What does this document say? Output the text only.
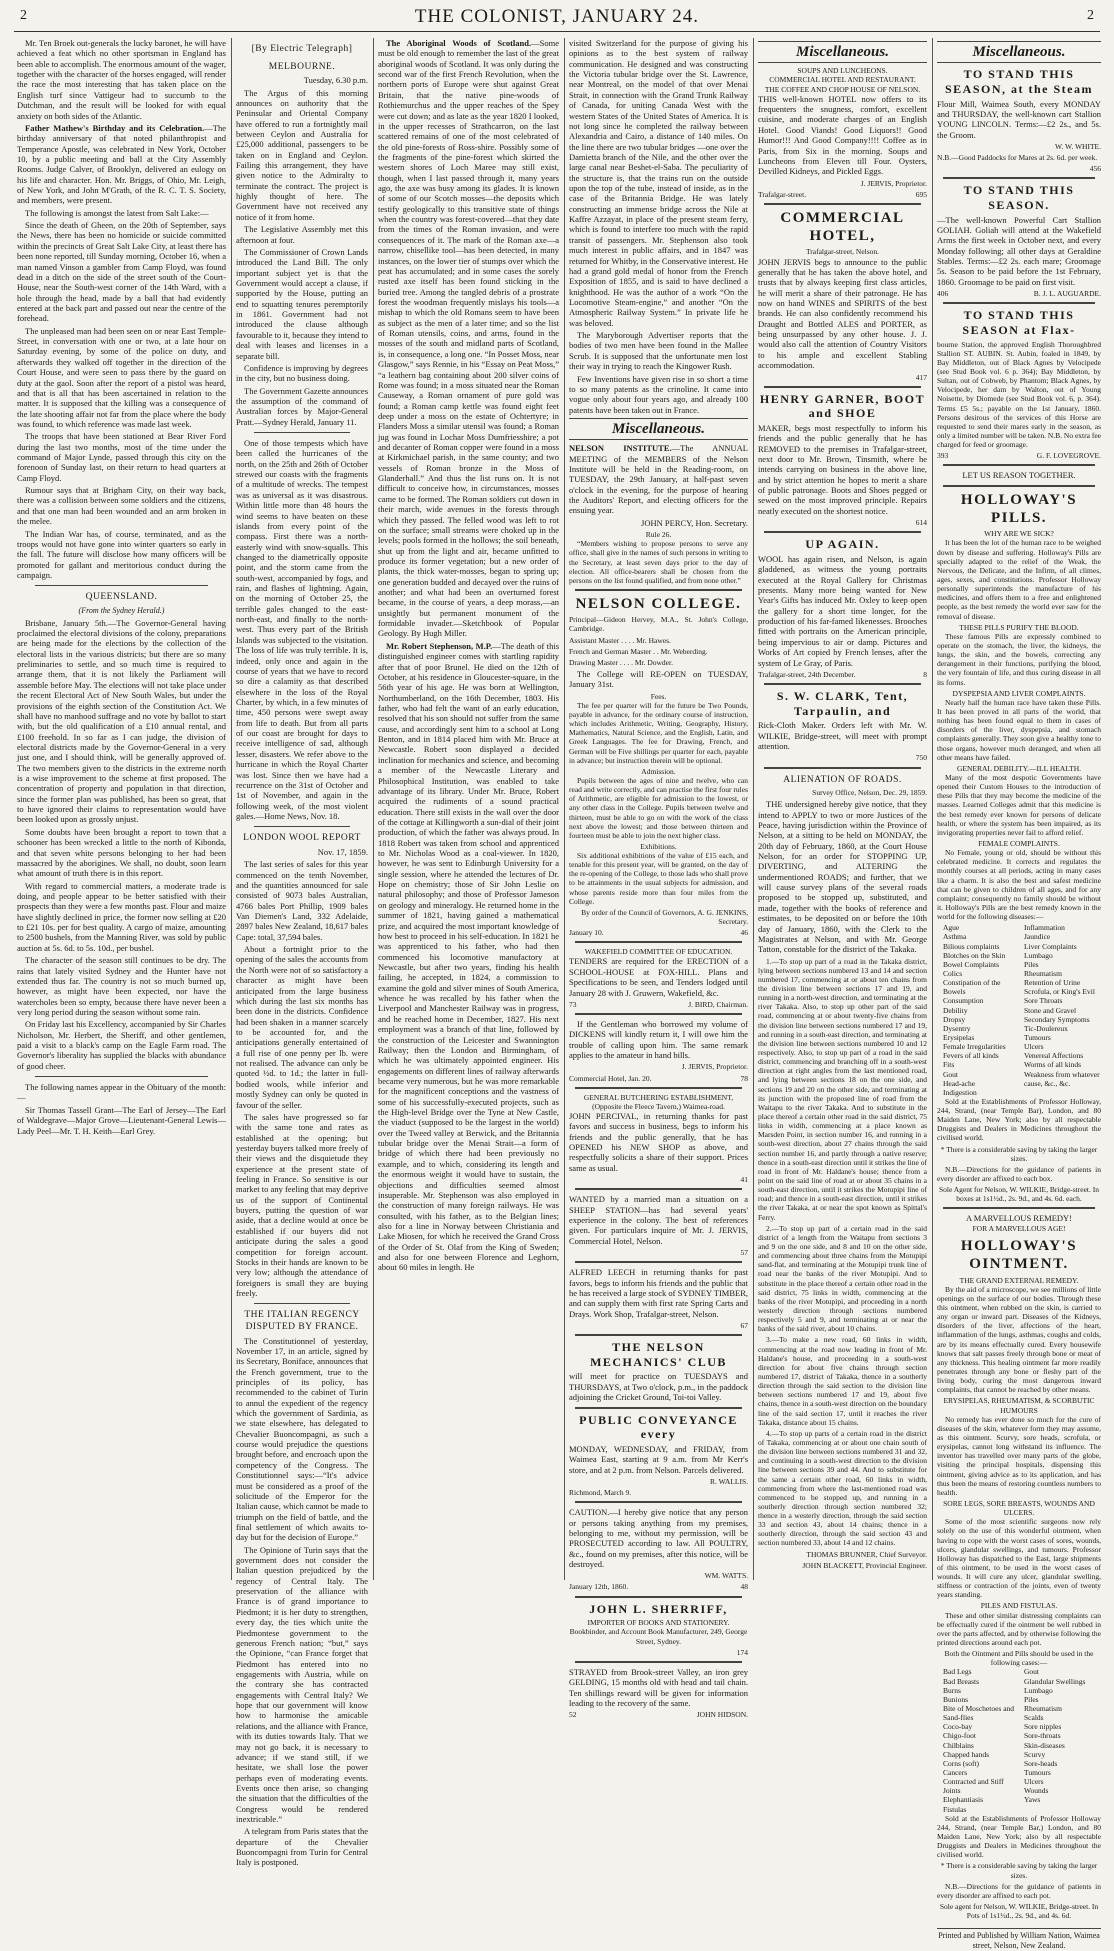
2	THE COLONIST, JANUARY 24.	2

Mr. Ten Broek out-generals the lucky baronet, he will have achieved a feat which no other sportsman in England has been able to accomplish. The enormous amount of the wager, together with the character of the horses engaged, will render the race the most interesting that has taken place on the English turf since Vattigeur had to succumb to the Dutchman, and the result will be looked for with equal anxiety on both sides of the Atlantic.

Father Mathew's Birthday and its Celebration.—The birthday anniversary of that noted philanthropist and Temperance Apostle, was celebrated in New York, October 10, by a public meeting and ball at the City Assembly Rooms. Judge Calver, of Brooklyn, delivered an eulogy on his life and character. Hon. Mr. Briggs, of Ohio, Mr. Leigh, of New York, and John M'Grath, of the R. C. T. S. Society, and members, were present.

The following is amongst the latest from Salt Lake:—

Since the death of Gheen, on the 20th of September, says the News, there has been no homicide or suicide committed within the precincts of Great Salt Lake City, at least there has been none reported, till Sunday morning, October 16, when a man named Vinson a gambler from Camp Floyd, was found dead in a ditch on the side of the street south of the Court-House, near the South-west corner of the 14th Ward, with a hole through the head, made by a ball that had evidently entered at the back part and passed out near the centre of the forehead.

The unpleased man had been seen on or near East Temple-Street, in conversation with one or two, at a late hour on Saturday evening, by some of the police on duty, and afterwards they walked off together in the direction of the Court House, and were seen to pass there by the guard on duty at the gaol. Soon after the report of a pistol was heard, and that is all that has been ascertained in relation to the matter. It is supposed that the killing was a consequence of the late shooting affair not far from the place where the body was found, to which reference was made last week.

The troops that have been stationed at Bear River Ford during the last two months, most of the time under the command of Major Lynde, passed through this city on the forenoon of Sunday last, on their return to head quarters at Camp Floyd.

Rumour says that at Brigham City, on their way back, there was a collision between some soldiers and the citizens, and that one man had been wounded and an arm broken in the melee.

The Indian War has, of course, terminated, and as the troops would not have gone into winter quarters so early in the fall. The future will disclose how many officers will be promoted for gallant and meritorious conduct during the campaign.

QUEENSLAND.
(From the Sydney Herald.)

Brisbane, January 5th.—The Governor-General having proclaimed the electoral divisions of the colony, preparations are being made for the elections by the collection of the electoral lists in the various districts; but there are so many preliminaries to settle, and so much time is required to arrange them, that it is not likely the Parliament will assemble before May. The elections will not take place under the recent Electoral Act of New South Wales, but under the provisions of the eighth section of the Constitution Act. We shall have no manhood suffrage and no vote by ballot to start with, but the old qualification of a £10 annual rental, and £100 freehold. In so far as I can judge, the division of electoral districts made by the Governor-General in a very just one, and I should think, will be generally approved of. The two members given to the districts in the extreme north is a wise improvement to the scheme at first proposed. The concentration of property and population in that direction, since the former plan was published, has been so great, that to have ignored their claims to representation would have been looked upon as grossly unjust.

Some doubts have been brought a report to town that a schooner has been wrecked a little to the north of Kibonda, and that seven white persons belonging to her had been massacred by the aborigines. We shall, no doubt, soon learn what amount of truth there is in this report.

With regard to commercial matters, a moderate trade is doing, and people appear to be better satisfied with their prospects than they were a few months past. Flour and maize have slightly declined in price, the former now selling at £20 to £21 10s. per for best quality. A cargo of maize, amounting to 2500 bushels, from the Manning River, was sold by public auction at 5s. 6d. to 5s. 10d., per bushel.

The character of the season still continues to be dry. The rains that lately visited Sydney and the Hunter have not extended thus far. The country is not so much burned up, however, as might have been expected, nor have the watercholes been so empty, because there have never been a very long period during the season without some rain.

On Friday last his Excellency, accompanied by Sir Charles Nicholson, Mr. Herbert, the Sheriff, and other gentlemen, paid a visit to a black's camp on the Eagle Farm road. The Governor's liberality has supplied the blacks with abundance of good cheer.

The following names appear in the Obituary of the month:—

Sir Thomas Tassell Grant—The Earl of Jersey—The Earl of Waldegrave—Major Grove—Lieutenant-General Lewis—Lady Peel—Mr. T. H. Keith—Earl Grey.

[By Electric Telegraph]
MELBOURNE.

Tuesday, 6.30 p.m.

The Argus of this morning announces on authority that the Peninsular and Oriental Company have offered to run a fortnightly mail between Ceylon and Australia for £25,000 additional, passengers to be taken on in England and Ceylon. Failing this arrangement, they have given notice to the Admiralty to terminate the contract. The project is highly thought of here. The Government have not received any notice of it from home.

The Legislative Assembly met this afternoon at four.

The Commissioner of Crown Lands introduced the Land Bill. The only important subject yet is that the Government would accept a clause, if supported by the House, putting an end to squatting tenures peremptorily in 1861. Government had not introduced the clause although favourable to it, because they intend to deal with leases and licenses in a separate bill.

Confidence is improving by degrees in the city, but no business doing.

The Government Gazette announces the assumption of the command of Australian forces by Major-General Pratt.—Sydney Herald, January 11.

One of those tempests which have been called the hurricanes of the north, on the 25th and 26th of October strewed our coasts with the fragments of a multitude of wrecks. The tempest was as universal as it was disastrous. Within little more than 48 hours the wind seems to have beaten on these islands from every point of the compass. First there was a north-easterly wind with snow-squalls. This changed to the diametrically opposite point, and the storm came from the south-west, accompanied by fogs, and rain, and flashes of lightning. Again, on the morning of October 25, the terrible gales changed to the east-north-east, and finally to the north-west. Thus every part of the British Islands was subjected to the visitation. The loss of life was truly terrible. It is, indeed, only once and again in the course of years that we have to record so dire a calamity as that described elsewhere in the loss of the Royal Charter, by which, in a few minutes of time, 450 persons were swept away from life to death. But from all parts of our coast are brought for days to receive intelligence of sad, although lesser, disasters. We refer above to the hurricane in which the Royal Charter was lost. Since then we have had a recurrence on the 31st of October and 1st of November, and again in the following week, of the most violent gales.—Home News, Nov. 18.

LONDON WOOL REPORT

Nov. 17, 1859.

The last series of sales for this year commenced on the tenth November, and the quantities announced for sale consisted of 9073 bales Australian, 4766 bales Port Phillip, 1909 bales Van Diemen's Land, 332 Adelaide, 2897 bales New Zealand, 18,617 bales Cape: total, 37,594 bales.

About a fortnight prior to the opening of the sales the accounts from the North were not of so satisfactory a character as might have been anticipated from the large business which during the last six months has been done in the districts. Confidence had been shaken in a manner scarcely to be accounted for, and the anticipations generally entertained of a full rise of one penny per lb. were not realised. The advance can only be quoted ½d. to 1d.; the latter in full-bodied wools, while inferior and mostly Sydney can only be quoted in favour of the seller.

The sales have progressed so far with the same tone and rates as established at the opening; but yesterday buyers talked more freely of their views and the disquietude they experience at the present state of feeling in France. So sensitive is our market to any feeling that may deprive us of the support of Continental buyers, putting the question of war aside, that a decline would at once be established if our buyers did not anticipate during the sales a good competition for foreign account. Stocks in their hands are known to be very low; although the attendance of foreigners is small they are buying freely.

THE ITALIAN REGENCY DISPUTED BY FRANCE.

The Constitutionnel of yesterday, November 17, in an article, signed by its Secretary, Boniface, announces that the French government, true to the principles of its policy, has recommended to the cabinet of Turin to annul the expedient of the regency which the government of Sardinia, as we state elsewhere, has delegated to Chevalier Buoncompagni, as such a course would prejudice the questions brought before, and encroach upon the competency of the Congress. The Constitutionnel says:—“It's advice must be considered as a proof of the solicitude of the Emperor for the Italian cause, which cannot be made to triumph on the field of battle, and the final settlement of which awaits to-day but for the decision of Europe.”

The Opinione of Turin says that the government does not consider the Italian question prejudiced by the regency of Central Italy. The preservation of the alliance with France is of grand importance to Piedmont; it is her duty to strengthen, every day, the ties which unite the Piedmontese government to the generous French nation; “but,” says the Opinione, “can France forget that Piedmont has entered into no engagements with Austria, while on the contrary she has contracted engagements with Central Italy? We hope that our government will know how to harmonise the amicable relations, and the alliance with France, with its duties towards Italy. That we may not go back, it is necessary to advance; if we stand still, if we hesitate, we shall lose the power perhaps even of moderating events. Events once then arise, so changing the situation that the difficulties of the Congress would be rendered inextricable.”

A telegram from Paris states that the departure of the Chevalier Buoncompagni from Turin for Central Italy is postponed.

The Aboriginal Woods of Scotland.—Some must be old enough to remember the last of the great aboriginal woods of Scotland. It was only during the second war of the first French Revolution, when the northern ports of Europe were shut against Great Britain, that the native pine-woods of Rothiemurchus and the upper reaches of the Spey were cut down; and as late as the year 1820 I looked, in the upper recesses of Strathcarron, on the last scattered remains of one of the most celebrated of the old pine-forests of Ross-shire. Possibly some of the fragments of the pine-forest which skirted the western shores of Loch Maree may still exist, though, when I last passed through it, many years ago, the axe was busy among its glades. It is known of some of our Scotch mosses—the deposits which testify geologically to this transitive state of things when the country was forest-covered—that they date from the times of the Roman invasion, and were consequences of it. The mark of the Roman axe—a narrow, chisellike tool—has been detected, in many instances, on the lower tier of stumps over which the peat has accumulated; and in some cases the sorely rusted axe itself has been found sticking in the buried tree. Among the tangled debris of a prostrate forest the woodman frequently mislays his tools—a mishap to which the old Romans seem to have been as subject as the men of a later time; and so the list of Roman utensils, coins, and arms, found in the mosses of the south and midland parts of Scotland, is, in consequence, a long one. “In Posset Moss, near Glasgow,” says Rennie, in his “Essay on Peat Moss,” “a leathern bag containing about 200 silver coins of Rome was found; in a moss situated near the Roman Causeway, a Roman ornament of pure gold was found; a Roman camp kettle was found eight feet deep under a moss on the estate of Ochtertyre; in Flanders Moss a similar utensil was found; a Roman jug was found in Lochar Moss Dumfriesshire; a pot and decanter of Roman copper were found in a moss at Kirkmichael parish, in the same county; and two vessels of Roman bronze in the Moss of Glanderhall.” And thus the list runs on. It is not difficult to conceive how, in circumstances, mosses came to be formed. The Roman soldiers cut down in their march, wide avenues in the forests through which they passed. The felled wood was left to rot on the surface; small streams were choked up in the levels; pools formed in the hollows; the soil beneath, shut up from the light and air, became unfitted to produce its former vegetation; but a new order of plants, the thick water-mosses, began to spring up; one generation budded and decayed over the ruins of another; and what had been an overturned forest became, in the course of years, a deep morass,—an unsightly but permanent monument of the formidable invader.—Sketchbook of Popular Geology. By Hugh Miller.

Mr. Robert Stephenson, M.P.—The death of this distinguished engineer comes with startling rapidity after that of poor Brunel. He died on the 12th of October, at his residence in Gloucester-square, in the 56th year of his age. He was born at Wellington, Northumberland, on the 16th December, 1803. His father, who had felt the want of an early education, resolved that his son should not suffer from the same cause, and accordingly sent him to a school at Long Benton, and in 1814 placed him with Mr. Bruce at Newcastle. Robert soon displayed a decided inclination for mechanics and science, and becoming a member of the Newcastle Literary and Philosophical Institution, was enabled to take advantage of its library. Under Mr. Bruce, Robert acquired the rudiments of a sound practical education. There still exists in the wall over the door of the cottage at Killingworth a sun-dial of their joint production, of which the father was always proud. In 1818 Robert was taken from school and apprenticed to Mr. Nicholas Wood as a coal-viewer. In 1820, however, he was sent to Edinburgh University for a single session, where he attended the lectures of Dr. Hope on chemistry; those of Sir John Leslie on natural philosophy; and those of Professor Jameson on geology and mineralogy. He returned home in the summer of 1821, having gained a mathematical prize, and acquired the most important knowledge of how best to proceed in his self-education. In 1821 he was apprenticed to his father, who had then commenced his locomotive manufactory at Newcastle, but after two years, finding his health failing, he accepted, in 1824, a commission to examine the gold and silver mines of South America, whence he was recalled by his father when the Liverpool and Manchester Railway was in progress, and he reached home in December, 1827. His next employment was a branch of that line, followed by the construction of the Leicester and Swannington Railway; then the London and Birmingham, of which he was ultimately appointed engineer. His engagements on different lines of railway afterwards became very numerous, but he was more remarkable for the magnificent conceptions and the vastness of some of his successfully-executed projects, such as the High-level Bridge over the Tyne at New Castle, the viaduct (supposed to be the largest in the world) over the Tweed valley at Berwick, and the Britannia tubular bridge over the Menai Strait—a form of bridge of which there had been previously no example, and to which, considering its length and the enormous weight it would have to sustain, the objections and difficulties seemed almost insuperable. Mr. Stephenson was also employed in the construction of many foreign railways. He was consulted, with his father, as to the Belgian lines; also for a line in Norway between Christiania and Lake Miosen, for which he received the Grand Cross of the Order of St. Olaf from the King of Sweden; and also for one between Florence and Leghorn, about 60 miles in length. He

visited Switzerland for the purpose of giving his opinions as to the best system of railway communication. He designed and was constructing the Victoria tubular bridge over the St. Lawrence, near Montreal, on the model of that over Menai Strait, in connection with the Grand Trunk Railway of Canada, for uniting Canada West with the western States of the United States of America. It is not long since he completed the railway between Alexandria and Cairo, a distance of 140 miles. On the line there are two tubular bridges —one over the Damietta branch of the Nile, and the other over the large canal near Beshet-el-Saba. The peculiarity of the structure is, that the trains run on the outside upon the top of the tube, instead of inside, as in the case of the Britannia Bridge. He was lately constructing an immense bridge across the Nile at Kaffre Azzayat, in place of the present steam ferry, which is found to interfere too much with the rapid transit of passengers. Mr. Stephenson also took much interest in public affairs, and in 1847 was returned for Whitby, in the Conservative interest. He had a grand gold medal of honor from the French Exposition of 1855, and is said to have declined a knighthood. He was the author of a work “On the Locomotive Steam-engine,” and another “On the Atmospheric Railway System.” In private life he was beloved.

The Maryborough Advertiser reports that the bodies of two men have been found in the Mallee Scrub. It is supposed that the unfortunate men lost their way in trying to reach the Kingower Rush.

Few Inventions have given rise in so short a time to so many patents as the crinoline. It came into vogue only about four years ago, and already 100 patents have been taken out in France.

Miscellaneous.

NELSON INSTITUTE.—The ANNUAL MEETING of the MEMBERS of the Nelson Institute will be held in the Reading-room, on TUESDAY, the 29th January, at half-past seven o'clock in the evening, for the purpose of hearing the Auditors' Report, and electing officers for the ensuing year.

JOHN PERCY, Hon. Secretary.

Rule 26.

“Members wishing to propose persons to serve any office, shall give in the names of such persons in writing to the Secretary, at least seven days prior to the day of election. All office-bearers shall be chosen from the persons on the list found qualified, and from none other.”

NELSON COLLEGE.

Principal—Gideon Hervey, M.A., St. John's College, Cambridge.

Assistant Master . . . . Mr. Hawes.

French and German Master . . Mr. Weberding.

Drawing Master . . . . Mr. Dowder.

The College will RE-OPEN on TUESDAY, January 31st.

Fees.

The fee per quarter will for the future be Two Pounds, payable in advance, for the ordinary course of instruction, which includes Arithmetic, Writing, Geography, History, Mathematics, Natural Science, and the English, Latin, and Greek Languages. The fee for Drawing, French, and German will be Five shillings per quarter for each, payable in advance; but instruction therein will be optional.

Admission.

Pupils between the ages of nine and twelve, who can read and write correctly, and can practise the first four rules of Arithmetic, are eligible for admission to the lowest, or any other class in the College. Pupils between twelve and thirteen, must be able to go on with the work of the class next above the lowest; and those between thirteen and fourteen must be able to join the next higher class.

Exhibitions.

Six additional exhibitions of the value of £15 each, and tenable for this present year, will be granted, on the day of the re-opening of the College, to those lads who shall prove to be attainments in the usual subjects for admission, and whose parents reside more than four miles from the College.

By order of the Council of Governors, A. G. JENKINS, Secretary.

January 10.	46
WAKEFIELD COMMITTEE OF EDUCATION.

TENDERS are required for the ERECTION of a SCHOOL-HOUSE at FOX-HILL. Plans and Specifications to be seen, and Tenders lodged until January 28 with J. Gruwern, Wakefield, &c.

73	J. BIRD, Chairman.

If the Gentleman who borrowed my volume of DICKENS will kindly return it, I will owe him the trouble of calling upon him. The same remark applies to the amateur in hand bills.

J. JERVIS, Proprietor.

Commercial Hotel, Jan. 20.	78
GENERAL BUTCHERING ESTABLISHMENT,
(Opposite the Fleece Tavern,) Waimea-road.

JOHN PERCIVAL, in returning thanks for past favors and success in business, begs to inform his friends and the public generally, that he has OPENED his NEW SHOP as above, and respectfully solicits a share of their support. Prices same as usual.

41

WANTED by a married man a situation on a SHEEP STATION—has had several years' experience in the colony. The best of references given. For particulars inquire of Mr. J. JERVIS, Commercial Hotel, Nelson.

57

ALFRED LEECH in returning thanks for past favors, begs to inform his friends and the public that he has received a large stock of SYDNEY TIMBER, and can supply them with first rate Spring Carts and Drays. Work Shop, Trafalgar-street, Nelson.

67

THE NELSON MECHANICS' CLUB

will meet for practice on TUESDAYS and THURSDAYS, at Two o'clock, p.m., in the paddock adjoining the Cricket Ground, Toi-toi Valley.

PUBLIC CONVEYANCE every

MONDAY, WEDNESDAY, and FRIDAY, from Waimea East, starting at 9 a.m. from Mr Kerr's store, and at 2 p.m. from Nelson. Parcels delivered.

R. WALLIS.

Richmond, March 9.

CAUTION.—I hereby give notice that any person or persons taking anything from my premises, belonging to me, without my permission, will be PROSECUTED according to law. All POULTRY, &c., found on my premises, after this notice, will be destroyed.

WM. WATTS.

January 12th, 1860.	48
JOHN L. SHERRIFF,

IMPORTER OF BOOKS AND STATIONERY. Bookbinder, and Account Book Manufacturer, 249, George Street, Sydney.

174

STRAYED from Brook-street Valley, an iron grey GELDING, 15 months old with head and tail chain. Ten shillings reward will be given for information leading to the recovery of the same.

52	JOHN HIDSON.
Miscellaneous.
SOUPS AND LUNCHEONS.
COMMERCIAL HOTEL AND RESTAURANT.
THE COFFEE AND CHOP HOUSE OF NELSON.

THIS well-known HOTEL now offers to its frequenters the snugness, comfort, excellent cuisine, and moderate charges of an English Hotel. Good Viands! Good Liquors!! Good Humor!!! And Good Company!!!! Coffee as in Paris, from Six in the morning. Soups and Luncheons from Eleven till Four. Oysters, Devilled Kidneys, and Pickled Eggs.

J. JERVIS, Proprietor.

Trafalgar-street.	695
COMMERCIAL HOTEL,
Trafalgar-street, Nelson.

JOHN JERVIS begs to announce to the public generally that he has taken the above hotel, and trusts that by always keeping first class articles, he will merit a share of their patronage. He has now on hand WINES and SPIRITS of the best brands. He can also confidently recommend his Draught and Bottled ALES and PORTER, as being unsurpassed by any other house. J. J. would also call the attention of Country Visitors to his ample and excellent Stabling accommodation.

417

HENRY GARNER, BOOT and SHOE

MAKER, begs most respectfully to inform his friends and the public generally that he has REMOVED to the premises in Trafalgar-street, next door to Mr. Brown, Tinsmith, where he intends carrying on business in the above line, and by strict attention he hopes to merit a share of public patronage. Boots and Shoes pegged or sewed on the most improved principle. Repairs neatly executed on the shortest notice.

614

UP AGAIN.

WOOL has again risen, and Nelson, is again gladdened, as witness the young portraits executed at the Royal Gallery for Christmas presents. Many more being wanted for New Year's Gifts has induced Mr. Oxley to keep open the gallery for a short time longer, for the production of his far-famed likenesses. Brooches fitted with portraits on the American principle, being impervious to air or damp. Pictures and Works of Art copied by French lenses, after the system of Le Gray, of Paris.

Trafalgar-street, 24th December.	8
S. W. CLARK, Tent, Tarpaulin, and

Rick-Cloth Maker. Orders left with Mr. W. WILKIE, Bridge-street, will meet with prompt attention.

750

ALIENATION OF ROADS.

Survey Office, Nelson, Dec. 29, 1859.

THE undersigned hereby give notice, that they intend to APPLY to two or more Justices of the Peace, having jurisdiction within the Province of Nelson, at a sitting to be held on MONDAY, the 20th day of February, 1860, at the Court House Nelson, for an order for STOPPING UP, DIVERTING, and ALTERING the undermentioned ROADS; and further, that we will cause survey plans of the several roads proposed to be stopped up, substituted, and made, together with the books of reference and estimates, to be deposited on or before the 10th day of January, 1860, with the Clerk to the Magistrates at Nelson, and with Mr. George Tatton, constable for the district of the Takaka.

1.—To stop up part of a road in the Takaka district, lying between sections numbered 13 and 14 and section numbered 17, commencing at or about ten chains from the division line between sections 17 and 19, and running in a north-west direction, and terminating at the river Takaka. Also, to stop up other part of the said road, commencing at or about twenty-five chains from the division line between sections numbered 17 and 19, and running in a south-east direction, and terminating at the division line between sections numbered 10 and 12 respectively. Also, to stop up part of a road in the said district, commencing and branching off in a south-west direction at right angles from the last mentioned road, and lying between sections 18 on the one side, and sections 19 and 20 on the other side, and terminating at its junction with the proposed line of road from the Waitapu to the river Takaka. And to substitute in the place thereof a certain other road in the said district, 75 links in width, commencing at a place known as Marsden Point, in section number 16, and running in a south-west direction, about 27 chains through the said section number 16, and partly through a native reserve; thence in a south-east direction until it strikes the line of road in front of Mr. Haldane's house; thence from a point on the said line of road at or about 35 chains in a south-east direction, until it strikes the Motupipi line of road; and thence in a south-east direction, until it strikes the river Takaka, at or near the spot known as Spittal's Ferry.

2.—To stop up part of a certain road in the said district of a length from the Waitapu from sections 3 and 9 on the one side, and 8 and 10 on the other side, and commencing about three chains from the Motupipi sand-flat, and terminating at the Motupipi trunk line of road near the banks of the river Motupipi. And to substitute in the place thereof a certain other road in the said district, 75 links in width, commencing at the banks of the river Motupipi, and proceeding in a north westerly direction through sections numbered respectively 5 and 9, and terminating at or near the banks of the said river, about 10 chains.

3.—To make a new road, 60 links in width, commencing at the road now leading in front of Mr. Haldane's house, and proceeding in a south-west direction for about five chains through section numbered 17, district of Takaka, thence in a southerly direction through the said section to the division line between sections numbered 17 and 19, about five chains, thence in a south-west direction on the boundary line of the said section 17, until it reaches the river Takaka, distance about 15 chains.

4.—To stop up parts of a certain road in the district of Takaka, commencing at or about one chain south of the division line between sections numbered 31 and 32, and continuing in a south-west direction to the division line between sections 39 and 44. And to substitute for the same a certain other road, 60 links in width, commencing from where the last-mentioned road was commenced to be stopped up, and running in a southerly direction through section numbered 32; thence in a westerly direction, through the said section 33 and section 43, about 14 chains; thence in a southerly direction, through the said section 43 and section numbered 33, about 14 and 12 chains.

THOMAS BRUNNER, Chief Surveyor.

JOHN BLACKETT, Provincial Engineer.

Miscellaneous.
TO STAND THIS SEASON, at the Steam

Flour Mill, Waimea South, every MONDAY and THURSDAY, the well-known cart Stallion YOUNG LINCOLN. Terms:—£2 2s., and 5s. the Groom.

W. W. WHITE.

N.B.—Good Paddocks for Mares at 2s. 6d. per week.

456

TO STAND THIS SEASON.

—The well-known Powerful Cart Stallion GOLIAH. Goliah will attend at the Wakefield Arms the first week in October next, and every Monday following; all other days at Geraldine Stables. Terms:—£2 2s. each mare; Groomage 5s. Season to be paid before the 1st February, 1860. Groomage to be paid on first visit.

406	B. J. L. AUGUARDE.
TO STAND THIS SEASON at Flax-

bourne Station, the approved English Thoroughbred Stallion ST. AUBIN. St. Aubin, foaled in 1849, by Bay Middleton, out of Black Agnes by Velocipede (see Stud Book vol. 6 p. 364); Bay Middleton, by Sultan, out of Cobweb, by Phantom; Black Agnes, by Velocipede, her dam by Walton, out of Young Noisette, by Diomede (see Stud Book vol. 6, p. 364). Terms £5 5s.; payable on the 1st January, 1860. Persons desirous of the services of this Horse are requested to send their mares early in the season, as only a limited number will be taken. N.B. No extra fee charged for feed or groomage.

393	G. F. LOVEGROVE.
LET US REASON TOGETHER.
HOLLOWAY'S PILLS.
WHY ARE WE SICK?

It has been the lot of the human race to be weighed down by disease and suffering. Holloway's Pills are specially adapted to the relief of the Weak, the Nervous, the Delicate, and the Infirm, of all climes, ages, sexes, and constitutions. Professor Holloway personally superintends the manufacture of his medicines, and offers them to a free and enlightened people, as the best remedy the world ever saw for the removal of disease.

THESE PILLS PURIFY THE BLOOD.

These famous Pills are expressly combined to operate on the stomach, the liver, the kidneys, the lungs, the skin, and the bowels, correcting any derangement in their functions, purifying the blood, the very fountain of life, and thus curing disease in all its forms.

DYSPEPSIA AND LIVER COMPLAINTS.

Nearly half the human race have taken these Pills. It has been proved in all parts of the world, that nothing has been found equal to them in cases of disorders of the liver, dyspepsia, and stomach complaints generally. They soon give a healthy tone to those organs, however much deranged, and when all other means have failed.

GENERAL DEBILITY.—ILL HEALTH.

Many of the most despotic Governments have opened their Custom Houses to the introduction of these Pills that they may become the medicine of the masses. Learned Colleges admit that this medicine is the best remedy ever known for persons of delicate health, or where the system has been impaired, as its invigorating properties never fail to afford relief.

FEMALE COMPLAINTS.

No Female, young or old, should be without this celebrated medicine. It corrects and regulates the monthly courses at all periods, acting in many cases like a charm. It is also the best and safest medicine that can be given to children of all ages, and for any complaint; consequently no family should be without it. Holloway's Pills are the best remedy known in the world for the following diseases:—

Ague
Asthma
Bilious complaints
Blotches on the Skin
Bowel Complaints
Colics
Constipation of the Bowels
Consumption
Debility
Dropsy
Dysentry
Erysipelas
Female Irregularities
Fevers of all kinds
Fits
Gout
Head-ache
Indigestion
Inflammation
Jaundice
Liver Complaints
Lumbago
Piles
Rheumatism
Retention of Urine
Scrofula, or King's Evil
Sore Throats
Stone and Gravel
Secondary Symptoms
Tic-Doulereux
Tumours
Ulcers
Venereal Affections
Worms of all kinds
Weakness from whatever cause, &c., &c.

Sold at the Establishments of Professor Holloway, 244, Strand, (near Temple Bar), London, and 80 Maiden Lane, New York; also by all respectable Druggists and Dealers in Medicines throughout the civilised world.

* There is a considerable saving by taking the larger sizes.

N.B.—Directions for the guidance of patients in every disorder are affixed to each box.

Sole Agent for Nelson, W. WILKIE, Bridge-street. In boxes at 1s1½d., 2s. 9d., and 4s. 6d. each.

A MARVELLOUS REMEDY!
FOR A MARVELLOUS AGE!
HOLLOWAY'S OINTMENT.
THE GRAND EXTERNAL REMEDY.

By the aid of a microscope, we see millions of little openings on the surface of our bodies. Through these this ointment, when rubbed on the skin, is carried to any organ or inward part. Diseases of the Kidneys, disorders of the liver, affections of the heart, inflammation of the lungs, asthmas, coughs and colds, are by its means effectually cured. Every housewife knows that salt passes freely through bone or meat of any thickness. This healing ointment far more readily penetrates through any bone or fleshy part of the living body, curing the most dangerous inward complaints, that cannot be reached by other means.

ERYSIPELAS, RHEUMATISM, & SCORBUTIC HUMOURS

No remedy has ever done so much for the cure of diseases of the skin, whatever form they may assume, as this ointment. Scurvy, sore heads, scrofula, or erysipelas, cannot long withstand its influence. The inventor has travelled over many parts of the globe, visiting the principal hospitals, dispensing this ointment, giving advice as to its application, and has thus been the means of restoring countless numbers to health.

SORE LEGS, SORE BREASTS, WOUNDS AND ULCERS.

Some of the most scientific surgeons now rely solely on the use of this wonderful ointment, when having to cope with the worst cases of sores, wounds, ulcers, glandular swellings, and tumours. Professor Holloway has dispatched to the East, large shipments of this ointment, to be used in the worst cases of wounds. It will cure any ulcer, glandular swelling, stiffness or contraction of the joints, even of twenty years standing.

PILES AND FISTULAS.

These and other similar distressing complaints can be effectually cured if the ointment be well rubbed in over the parts affected, and by otherwise following the printed directions around each pot.

Both the Ointment and Pills should be used in the following cases:—
Bad Legs
Bad Breasts
Burns
Bunions
Bite of Moschetoes and Sand-flies
Coco-bay
Chigo-foot
Chilblains
Chapped hands
Corns (soft)
Cancers
Contracted and Stiff Joints
Elephantiasis
Fistulas
Gout
Glandular Swellings
Lumbago
Piles
Rheumatism
Scalds
Sore nipples
Sore-throats
Skin-diseases
Scurvy
Sore-heads
Tumours
Ulcers
Wounds
Yaws

Sold at the Establishments of Professor Holloway 244, Strand, (near Temple Bar,) London, and 80 Maiden Lane, New York; also by all respectable Druggists and Dealers in Medicines throughout the civilised world.

* There is a considerable saving by taking the larger sizes.

N.B.—Directions for the guidance of patients in every disorder are affixed to each pot.

Sole agent for Nelson, W. WILKIE, Bridge-street. In Pots of 1s1½d., 2s. 9d., and 4s. 6d.

Printed and Published by William Nation, Waimea street, Nelson, New Zealand.
